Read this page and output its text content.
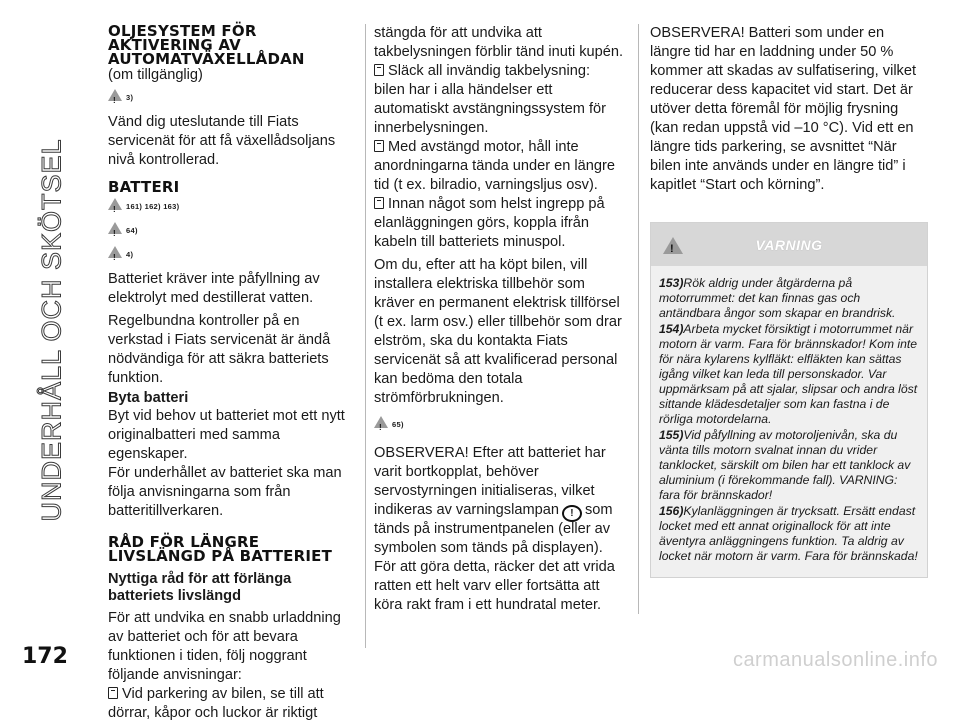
UNDERHÅLL OCH SKÖTSEL
OLJESYSTEM FÖR AKTIVERING AV AUTOMATVÄXELLÅDAN

(om tillgänglig)

!
3)

Vänd dig uteslutande till Fiats servicenät för att få växellådsoljans nivå kontrollerad.

BATTERI
!
161) 162) 163)
!
64)
!
4)

Batteriet kräver inte påfyllning av elektrolyt med destillerat vatten.

Regelbundna kontroller på en verkstad i Fiats servicenät är ändå nödvändiga för att säkra batteriets funktion.

Byta batteri

Byt vid behov ut batteriet mot ett nytt originalbatteri med samma egenskaper.

För underhållet av batteriet ska man följa anvisningarna som från batteritillverkaren.

RÅD FÖR LÄNGRE LIVSLÄNGD PÅ BATTERIET
Nyttiga råd för att förlänga batteriets livslängd

För att undvika en snabb urladdning av batteriet och för att bevara funktionen i tiden, följ noggrant följande anvisningar:

Vid parkering av bilen, se till att dörrar, kåpor och luckor är riktigt

stängda för att undvika att takbelysningen förblir tänd inuti kupén.

Släck all invändig takbelysning: bilen har i alla händelser ett automatiskt avstängningssystem för innerbelysningen.

Med avstängd motor, håll inte anordningarna tända under en längre tid (t ex. bilradio, varningsljus osv).

Innan något som helst ingrepp på elanläggningen görs, koppla ifrån kabeln till batteriets minuspol.

Om du, efter att ha köpt bilen, vill installera elektriska tillbehör som kräver en permanent elektrisk tillförsel (t ex. larm osv.) eller tillbehör som drar elström, ska du kontakta Fiats servicenät så att kvalificerad personal kan bedöma den totala strömförbrukningen.

!
65)

OBSERVERA! Efter att batteriet har varit bortkopplat, behöver servostyrningen initialiseras, vilket indikeras av varningslampan! som tänds på instrumentpanelen (eller av symbolen som tänds på displayen). För att göra detta, räcker det att vrida ratten ett helt varv eller fortsätta att köra rakt fram i ett hundratal meter.

OBSERVERA! Batteri som under en längre tid har en laddning under 50 % kommer att skadas av sulfatisering, vilket reducerar dess kapacitet vid start. Det är utöver detta föremål för möjlig frysning (kan redan uppstå vid –10 °C). Vid ett en längre tids parkering, se avsnittet “När bilen inte används under en längre tid” i kapitlet “Start och körning”.

!
VARNING
153)Rök aldrig under åtgärderna på motorrummet: det kan finnas gas och antändbara ångor som skapar en brandrisk.
154)Arbeta mycket försiktigt i motorrummet när motorn är varm. Fara för brännskador! Kom inte för nära kylarens kylfläkt: elfläkten kan sättas igång vilket kan leda till personskador. Var uppmärksam på att sjalar, slipsar och andra löst sittande klädesdetaljer som kan fastna i de rörliga motordelarna.
155)Vid påfyllning av motoroljenivån, ska du vänta tills motorn svalnat innan du vrider tanklocket, särskilt om bilen har ett tanklock av aluminium (i förekommande fall). VARNING: fara för brännskador!
156)Kylanläggningen är trycksatt. Ersätt endast locket med ett annat originallock för att inte äventyra anläggningens funktion. Ta aldrig av locket när motorn är varm. Fara för brännskada!
172	carmanualsonline.info
